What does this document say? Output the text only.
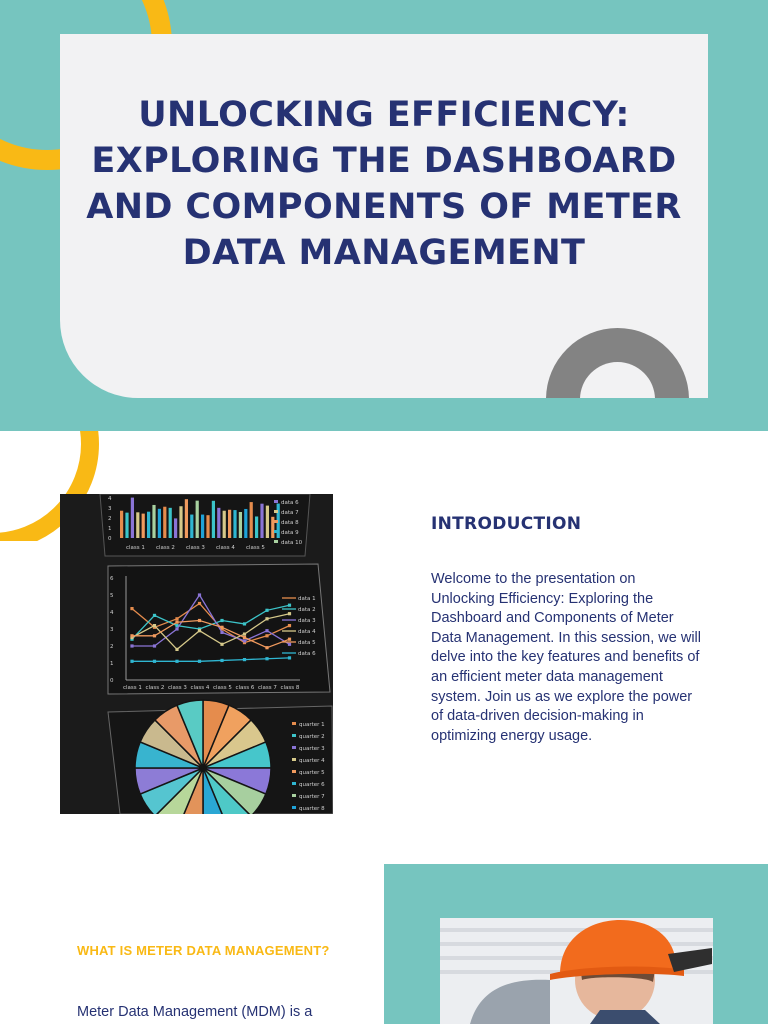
UNLOCKING EFFICIENCY: EXPLORING THE DASHBOARD AND COMPONENTS OF METER DATA MANAGEMENT
0
1
2
3
4
class 1 class 2 class 3 class 4 class 5
data 6
data 7
data 8
data 9
data 10
0
1
2
3
4
5
6
class 1 class 2 class 3 class 4 class 5 class 6 class 7 class 8
data 1
data 2
data 3
data 4
data 5
data 6
quarter 1
quarter 2
quarter 3
quarter 4
quarter 5
quarter 6
quarter 7
quarter 8
INTRODUCTION

Welcome to the presentation on Unlocking Efficiency: Exploring the Dashboard and Components of Meter Data Management. In this session, we will delve into the key features and benefits of an efficient meter data management system. Join us as we explore the power of data-driven decision-making in optimizing energy usage.

WHAT IS METER DATA MANAGEMENT?

Meter Data Management (MDM) is a
